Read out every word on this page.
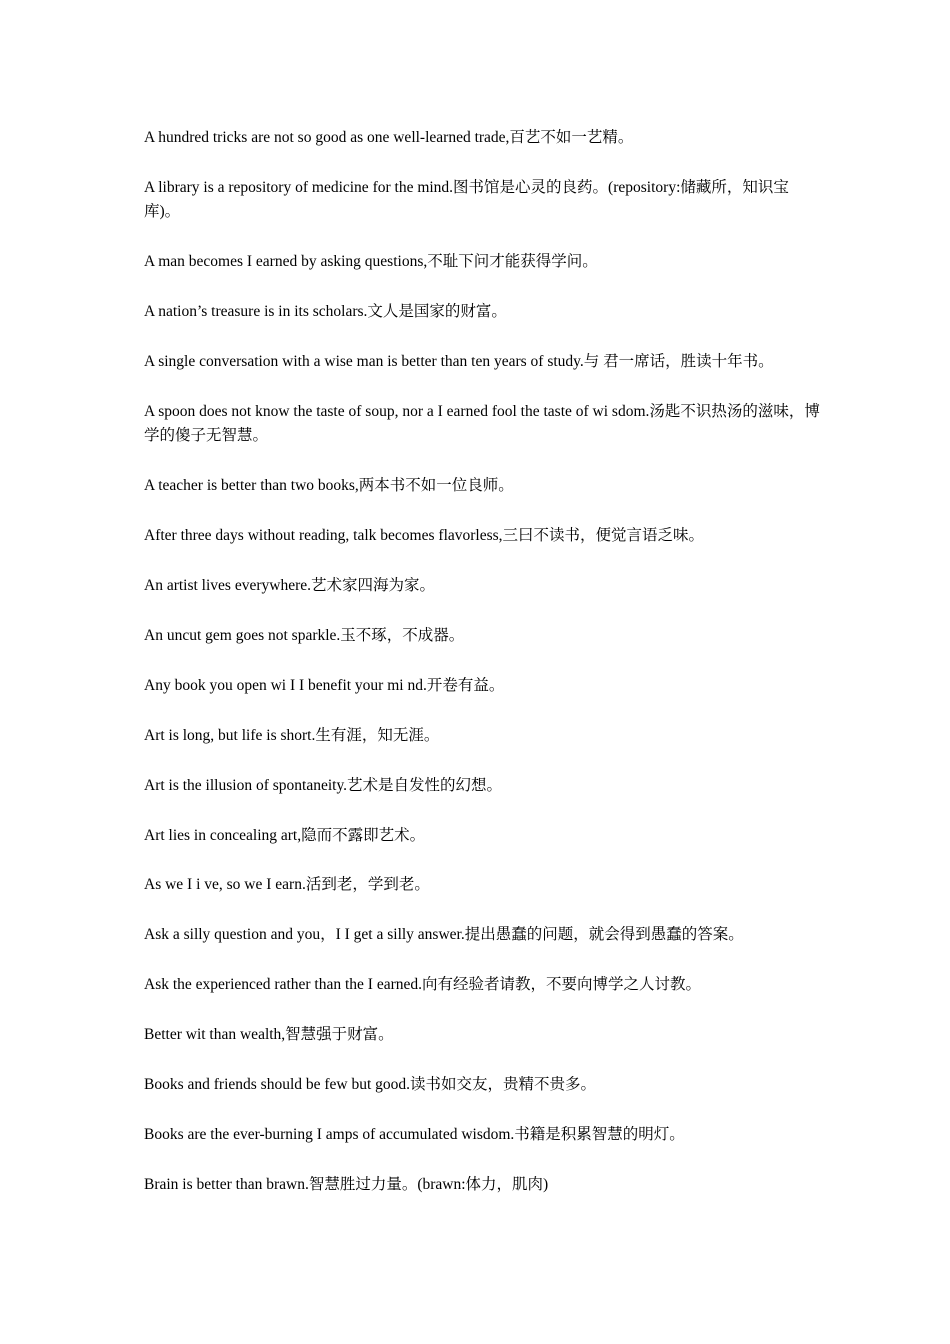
A hundred tricks are not so good as one well-learned trade,百艺不如一艺精。
A library is a repository of medicine for the mind.图书馆是心灵的良药。(repository:储藏所，知识宝库)。
A man becomes I earned by asking questions,不耻下问才能获得学问。
A nation’s treasure is in its scholars.文人是国家的财富。
A single conversation with a wise man is better than ten years of study.与 君一席话，胜读十年书。
A spoon does not know the taste of soup, nor a I earned fool the taste of wi sdom.汤匙不识热汤的滋味，博学的傻子无智慧。
A teacher is better than two books,两本书不如一位良师。
After three days without reading, talk becomes flavorless,三曰不读书，便觉言语乏味。
An artist lives everywhere.艺术家四海为家。
An uncut gem goes not sparkle.玉不琢，不成器。
Any book you open wi I I benefit your mi nd.开卷有益。
Art is long, but life is short.生有涯，知无涯。
Art is the illusion of spontaneity.艺术是自发性的幻想。
Art lies in concealing art,隐而不露即艺术。
As we I i ve, so we I earn.活到老，学到老。
Ask a silly question and you，I I get a silly answer.提出愚蠢的问题，就会得到愚蠢的答案。
Ask the experienced rather than the I earned.向有经验者请教，不要向博学之人讨教。
Better wit than wealth,智慧强于财富。
Books and friends should be few but good.读书如交友，贵精不贵多。
Books are the ever-burning I amps of accumulated wisdom.书籍是积累智慧的明灯。
Brain is better than brawn.智慧胜过力量。(brawn:体力，肌肉)
